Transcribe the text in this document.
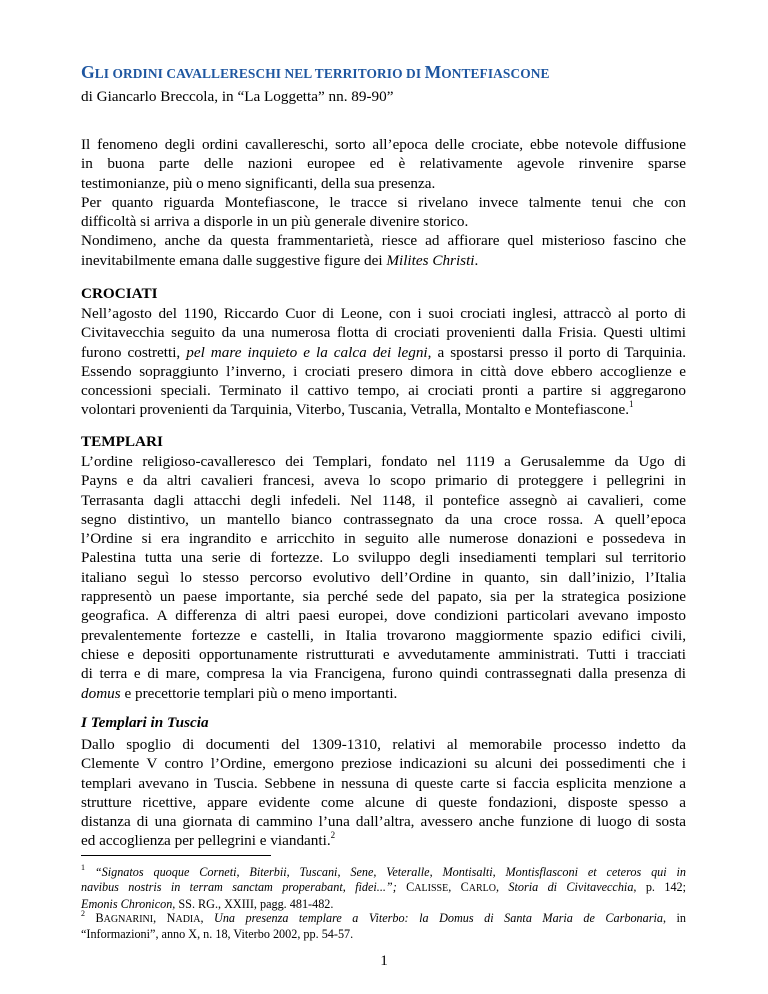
GLI ORDINI CAVALLERESCHI NEL TERRITORIO DI MONTEFIASCONE

di Giancarlo Breccola, in “La Loggetta” nn. 89-90”

Il fenomeno degli ordini cavallereschi, sorto all’epoca delle crociate, ebbe notevole diffusione
in buona parte delle nazioni europee ed è relativamente agevole rinvenire sparse
testimonianze, più o meno significanti, della sua presenza.
Per quanto riguarda Montefiascone, le tracce si rivelano invece talmente tenui che con
difficoltà si arriva a disporle in un più generale divenire storico.
Nondimeno, anche da questa frammentarietà, riesce ad affiorare quel misterioso fascino che
inevitabilmente emana dalle suggestive figure dei Milites Christi.

CROCIATI

Nell’agosto del 1190, Riccardo Cuor di Leone, con i suoi crociati inglesi, attraccò al porto di
Civitavecchia seguito da una numerosa flotta di crociati provenienti dalla Frisia. Questi ultimi
furono costretti, pel mare inquieto e la calca dei legni, a spostarsi presso il porto di Tarquinia.
Essendo sopraggiunto l’inverno, i crociati presero dimora in città dove ebbero accoglienze e
concessioni speciali. Terminato il cattivo tempo, ai crociati pronti a partire si aggregarono
volontari provenienti da Tarquinia, Viterbo, Tuscania, Vetralla, Montalto e Montefiascone.$^1$

TEMPLARI

L’ordine religioso-cavalleresco dei Templari, fondato nel 1119 a Gerusalemme da Ugo di
Payns e da altri cavalieri francesi, aveva lo scopo primario di proteggere i pellegrini in
Terrasanta dagli attacchi degli infedeli. Nel 1148, il pontefice assegnò ai cavalieri, come
segno distintivo, un mantello bianco contrassegnato da una croce rossa. A quell’epoca
l’Ordine si era ingrandito e arricchito in seguito alle numerose donazioni e possedeva in
Palestina tutta una serie di fortezze. Lo sviluppo degli insediamenti templari sul territorio
italiano seguì lo stesso percorso evolutivo dell’Ordine in quanto, sin dall’inizio, l’Italia
rappresentò un paese importante, sia perché sede del papato, sia per la strategica posizione
geografica. A differenza di altri paesi europei, dove condizioni particolari avevano imposto
prevalentemente fortezze e castelli, in Italia trovarono maggiormente spazio edifici civili,
chiese e depositi opportunamente ristrutturati e avvedutamente amministrati. Tutti i tracciati
di terra e di mare, compresa la via Francigena, furono quindi contrassegnati dalla presenza di
domus e precettorie templari più o meno importanti.

I Templari in Tuscia

Dallo spoglio di documenti del 1309-1310, relativi al memorabile processo indetto da
Clemente V contro l’Ordine, emergono preziose indicazioni su alcuni dei possedimenti che i
templari avevano in Tuscia. Sebbene in nessuna di queste carte si faccia esplicita menzione a
strutture ricettive, appare evidente come alcune di queste fondazioni, disposte spesso a
distanza di una giornata di cammino l’una dall’altra, avessero anche funzione di luogo di sosta
ed accoglienza per pellegrini e viandanti.$^2$

$^1$ “Signatos quoque Corneti, Biterbii, Tuscani, Sene, Veteralle, Montisalti, Montisflasconi et ceteros qui in
navibus nostris in terram sanctam properabant, fidei...”; CALISSE, CARLO, Storia di Civitavecchia, p. 142;
Emonis Chronicon, SS. RG., XXIII, pagg. 481-482.

$^2$ BAGNARINI, NADIA, Una presenza templare a Viterbo: la Domus di Santa Maria de Carbonaria, in
“Informazioni”, anno X, n. 18, Viterbo 2002, pp. 54-57.

1
